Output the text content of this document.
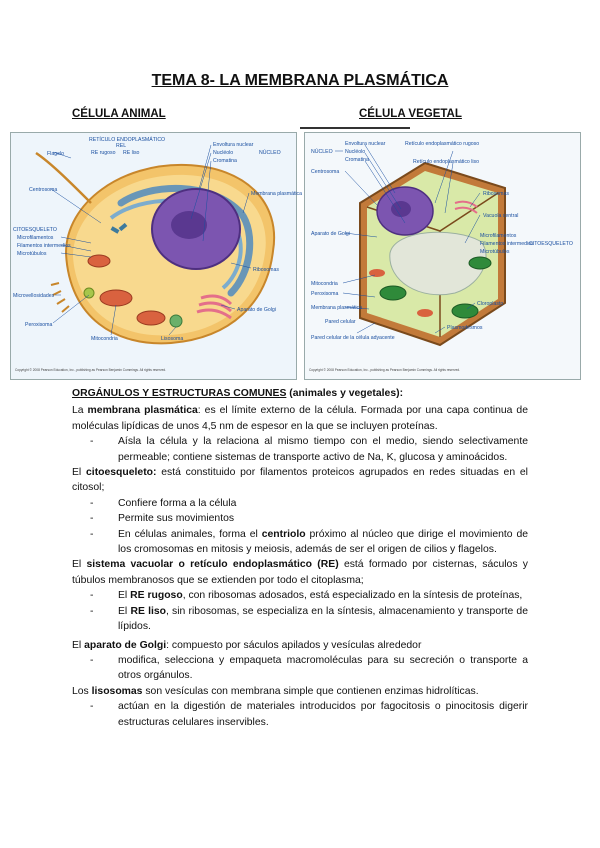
TEMA 8- LA MEMBRANA PLASMÁTICA
CÉLULA ANIMAL	CÉLULA VEGETAL
RETÍCULO ENDOPLASMÁTICO
REL
RE rugoso RE liso
Flagelo
Envoltura nuclear
Nucléolo
Cromatina
NÚCLEO
Centrosoma
Membrana plasmática
CITOESQUELETO
Microfilamentos
Filamentos intermedios
Microtúbulos
Ribosomas
Microvellosidades
Aparato de Golgi
Peroxisoma
Mitocondria	Lisosoma
Copyright © 2008 Pearson Education, Inc., publishing as Pearson Benjamin Cummings. All rights reserved.
NÚCLEO
Envoltura nuclear
Nucléolo
Cromatina
Retículo endoplasmático rugoso
Retículo endoplasmático liso
Centrosoma
Ribosomas
Vacuola central
Microfilamentos
Filamentos intermedios
Microtúbulos
CITOESQUELETO
Aparato de Golgi
Mitocondria
Peroxisoma
Membrana plasmática
Pared celular
Cloroplasto
Plasmodesmos
Pared celular de la célula adyacente
Copyright © 2008 Pearson Education, Inc., publishing as Pearson Benjamin Cummings. All rights reserved.

ORGÁNULOS Y ESTRUCTURAS COMUNES (animales y vegetales):

La membrana plasmática: es el límite externo de la célula. Formada por una capa continua de moléculas lipídicas de unos 4,5 nm de espesor en la que se incluyen proteínas.

- Aísla la célula y la relaciona al mismo tiempo con el medio, siendo selectivamente permeable; contiene sistemas de transporte activo de Na, K, glucosa y aminoácidos.

El citoesqueleto: está constituido por filamentos proteicos agrupados en redes situadas en el citosol;

- Confiere forma a la célula
- Permite sus movimientos
- En células animales, forma el centriolo próximo al núcleo que dirige el movimiento de los cromosomas en mitosis y meiosis, además de ser el origen de cilios y flagelos.

El sistema vacuolar o retículo endoplasmático (RE) está formado por cisternas, sáculos y túbulos membranosos que se extienden por todo el citoplasma;

- El RE rugoso, con ribosomas adosados, está especializado en la síntesis de proteínas,
- El RE liso, sin ribosomas, se especializa en la síntesis, almacenamiento y transporte de lípidos.

El aparato de Golgi: compuesto por sáculos apilados y vesículas alrededor

- modifica, selecciona y empaqueta macromoléculas para su secreción o transporte a otros orgánulos.

Los lisosomas son vesículas con membrana simple que contienen enzimas hidrolíticas.

- actúan en la digestión de materiales introducidos por fagocitosis o pinocitosis digerir estructuras celulares inservibles.
